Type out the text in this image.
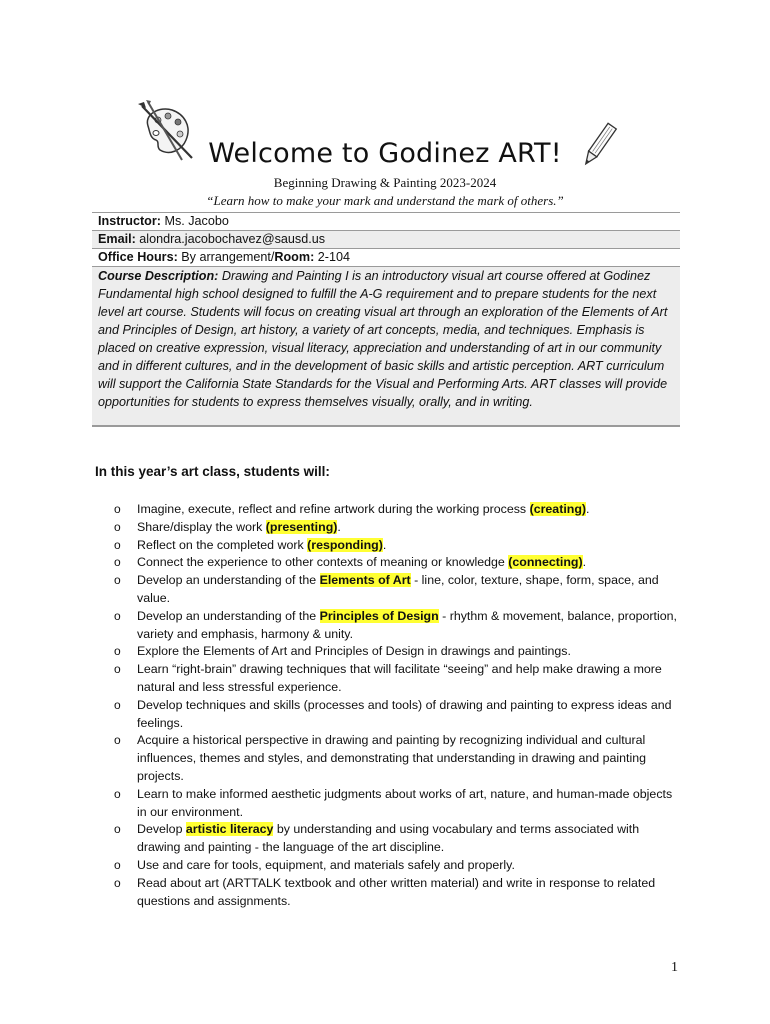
Welcome to Godinez ART!
Beginning Drawing & Painting 2023-2024
“Learn how to make your mark and understand the mark of others.”
Instructor: Ms. Jacobo
Email: alondra.jacobochavez@sausd.us
Office Hours: By arrangement/Room: 2-104
Course Description: Drawing and Painting I is an introductory visual art course offered at Godinez Fundamental high school designed to fulfill the A-G requirement and to prepare students for the next level art course. Students will focus on creating visual art through an exploration of the Elements of Art and Principles of Design, art history, a variety of art concepts, media, and techniques. Emphasis is placed on creative expression, visual literacy, appreciation and understanding of art in our community and in different cultures, and in the development of basic skills and artistic perception. ART curriculum will support the California State Standards for the Visual and Performing Arts. ART classes will provide opportunities for students to express themselves visually, orally, and in writing.
In this year’s art class, students will:
o Imagine, execute, reflect and refine artwork during the working process (creating).
o Share/display the work (presenting).
o Reflect on the completed work (responding).
o Connect the experience to other contexts of meaning or knowledge (connecting).
o Develop an understanding of the Elements of Art - line, color, texture, shape, form, space, and value.
o Develop an understanding of the Principles of Design - rhythm & movement, balance, proportion, variety and emphasis, harmony & unity.
o Explore the Elements of Art and Principles of Design in drawings and paintings.
o Learn “right-brain” drawing techniques that will facilitate “seeing” and help make drawing a more natural and less stressful experience.
o Develop techniques and skills (processes and tools) of drawing and painting to express ideas and feelings.
o Acquire a historical perspective in drawing and painting by recognizing individual and cultural influences, themes and styles, and demonstrating that understanding in drawing and painting projects.
o Learn to make informed aesthetic judgments about works of art, nature, and human-made objects in our environment.
o Develop artistic literacy by understanding and using vocabulary and terms associated with drawing and painting - the language of the art discipline.
o Use and care for tools, equipment, and materials safely and properly.
o Read about art (ARTTALK textbook and other written material) and write in response to related questions and assignments.
1
